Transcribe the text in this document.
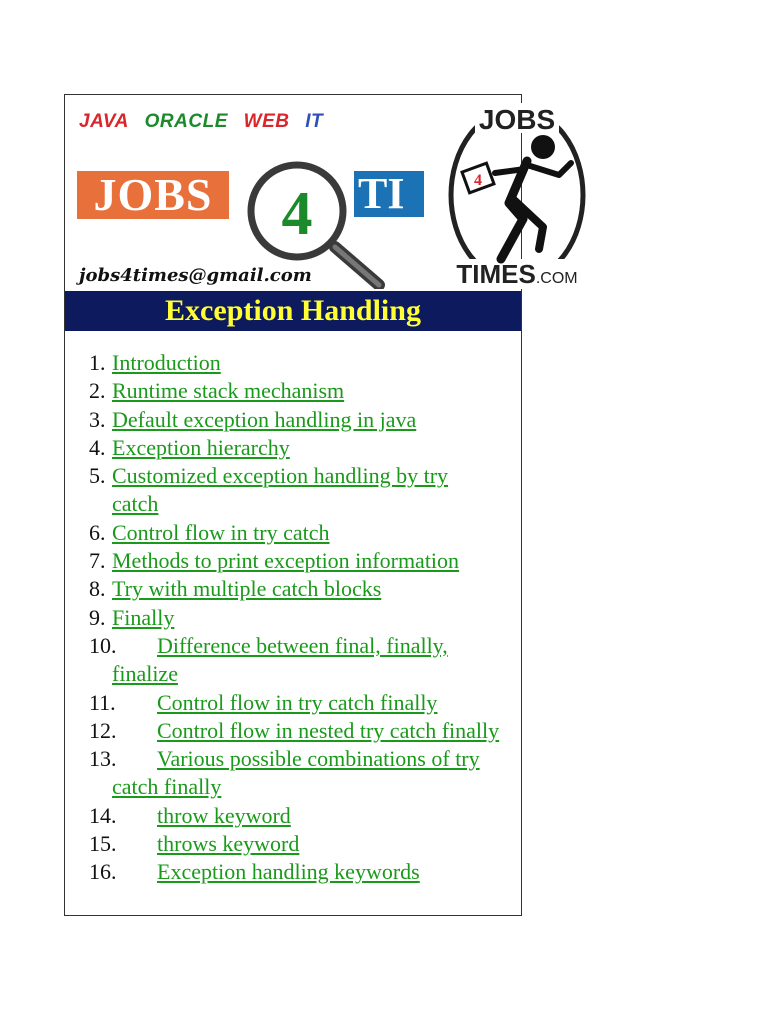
JAVA ORACLE WEB IT
JOBS 4 TI
jobs4times@gmail.com
JOBS
TIMES.COM
4
Exception Handling
1. Introduction
2. Runtime stack mechanism
3. Default exception handling in java
4. Exception hierarchy
5. Customized exception handling by try catch
6. Control flow in try catch
7. Methods to print exception information
8. Try with multiple catch blocks
9. Finally
10. Difference between final, finally, finalize
11. Control flow in try catch finally
12. Control flow in nested try catch finally
13. Various possible combinations of try catch finally
14. throw keyword
15. throws keyword
16. Exception handling keywords
